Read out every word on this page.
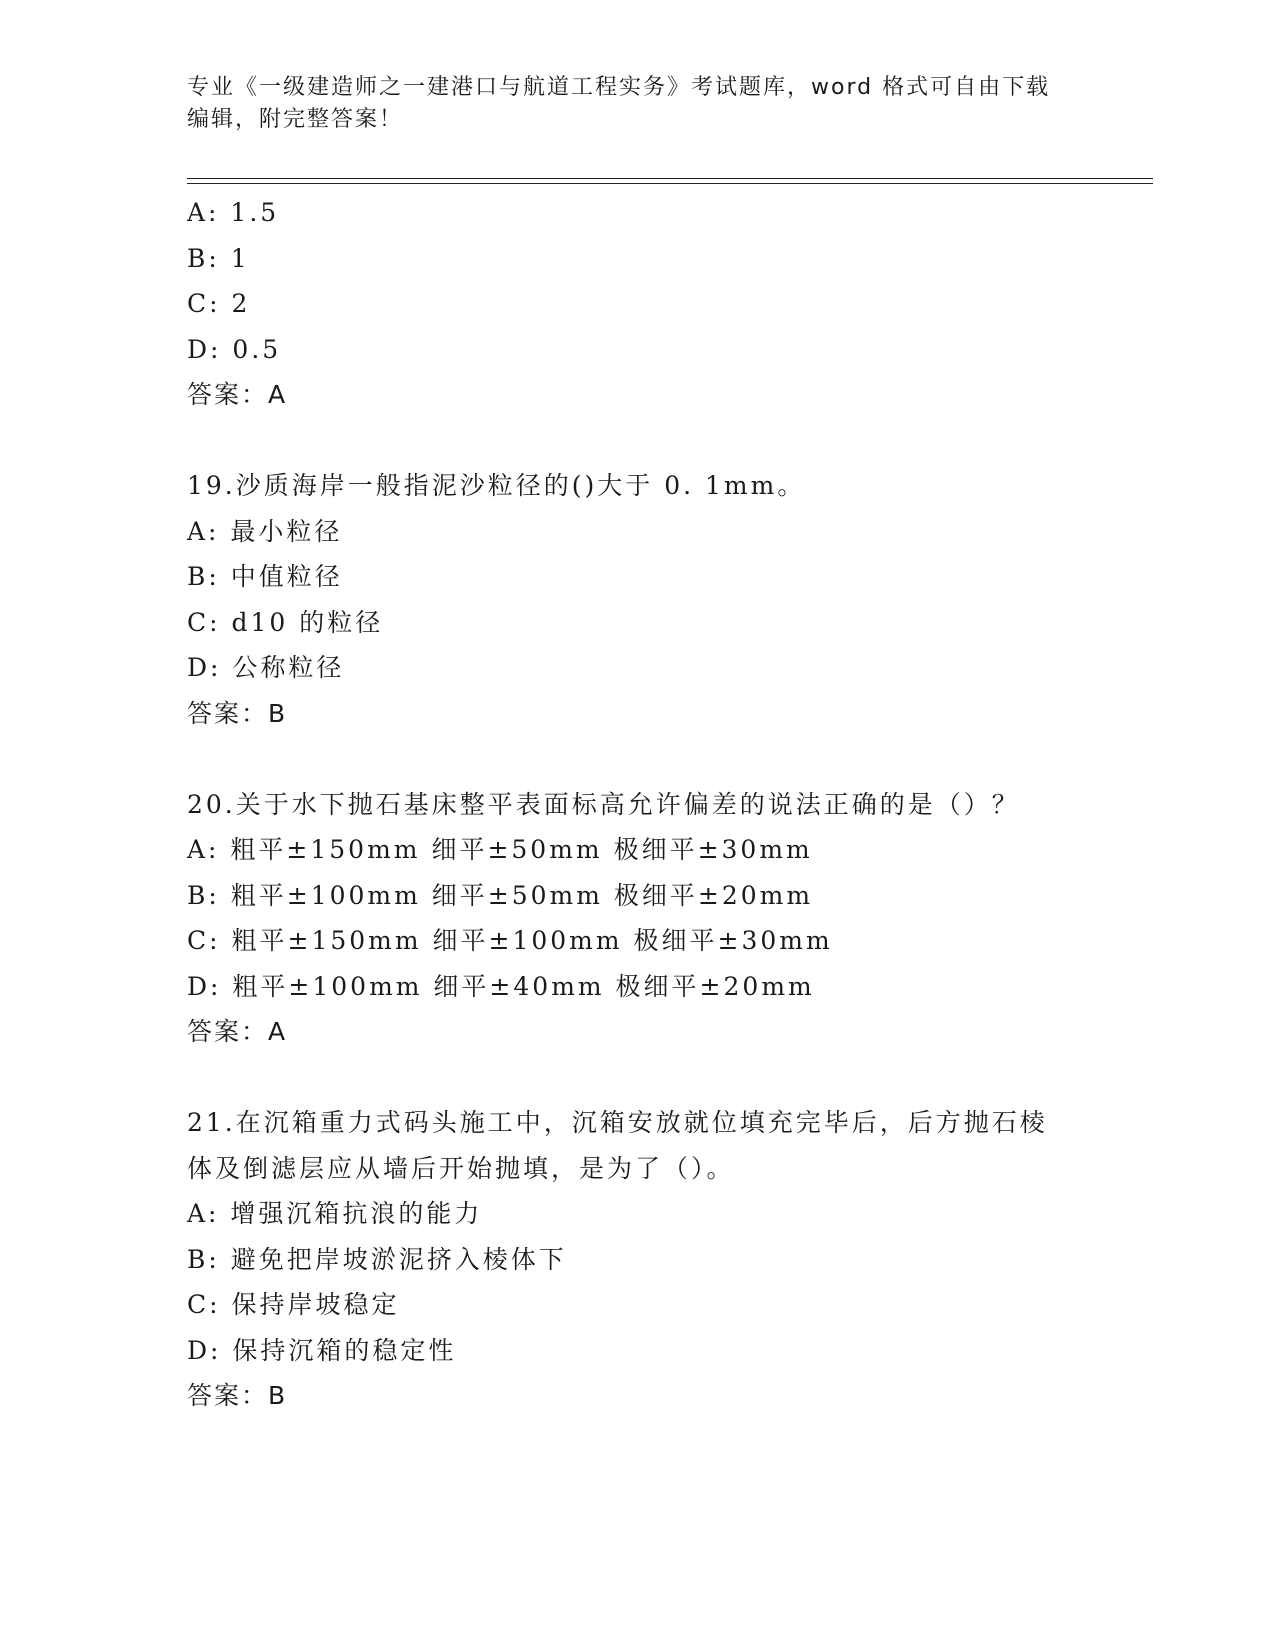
专业《一级建造师之一建港口与航道工程实务》考试题库，word 格式可自由下载编辑，附完整答案！
A: 1.5
B: 1
C: 2
D: 0.5
答案：A
19.沙质海岸一般指泥沙粒径的()大于 0. 1mm。
A: 最小粒径
B: 中值粒径
C: d10 的粒径
D: 公称粒径
答案：B
20.关于水下抛石基床整平表面标高允许偏差的说法正确的是（）？
A: 粗平±150mm 细平±50mm 极细平±30mm
B: 粗平±100mm 细平±50mm 极细平±20mm
C: 粗平±150mm 细平±100mm 极细平±30mm
D: 粗平±100mm 细平±40mm 极细平±20mm
答案：A
21.在沉箱重力式码头施工中，沉箱安放就位填充完毕后，后方抛石棱
体及倒滤层应从墙后开始抛填，是为了（）。
A: 增强沉箱抗浪的能力
B: 避免把岸坡淤泥挤入棱体下
C: 保持岸坡稳定
D: 保持沉箱的稳定性
答案：B
